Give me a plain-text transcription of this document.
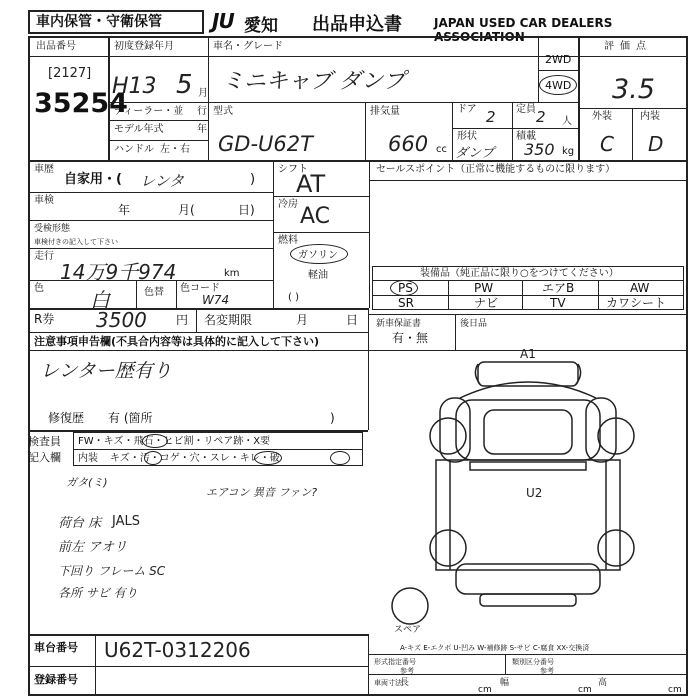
車内保管・守衛保管	JU 愛知 出品申込書	JAPAN USED CAR DEALERS ASSOCIATION
出品番号
[2127]
35254
初度登録年月
H13 5 月
ディーラー・並 行
モデル年式	年
ハンドル 左・右
車名・グレード
ミニキャブ ダンプ
型式
GD-U62T
排気量
660 cc
ドア 2 定員 2 人
形状
ダンプ
積載
350 kg
2WD
4WD
評価点
3.5
外装	内装
C D
車歴
自家用・( レンタ	)
車検
年	月(	日)
受検形態
車検付きの記入して下さい
走行
14万9千974	km
色 白	色替 色コード
W74
シフト
AT
冷房 AC
燃料
ガソリン
軽油
( )
セールスポイント（正常に機能するものに限ります）
装備品（純正品に限り○をつけてください）
PS	PW	エアB	AW
SR	ナビ	TV	カワシート
R券 3500 円 名変期限	月	日 新車保証書
有・無
後日品
注意事項申告欄(不具合内容等は具体的に記入して下さい)
レンター歴有り
修復歴 有 (箇所	)
検査員
記入欄
FW・キズ・飛石・ヒビ割・リペア跡・X要
内装 キズ・汚・コゲ・穴・スレ・キレ・破
ガタ(ミ)
エアコン 異音 ファン?
荷台 床
前左 アオリ
JALS
下回り フレーム SC
各所 サビ 有り
A1
U2
スペア
A-キズ E-エクボ U-凹み W-補修跡 S-サビ C-腐食 XX-交換済
車台番号 U62T-0312206
登録番号
形式指定番号	類別区分番号
参考	参考
車両寸法
長
cm
幅
cm
高
cm
